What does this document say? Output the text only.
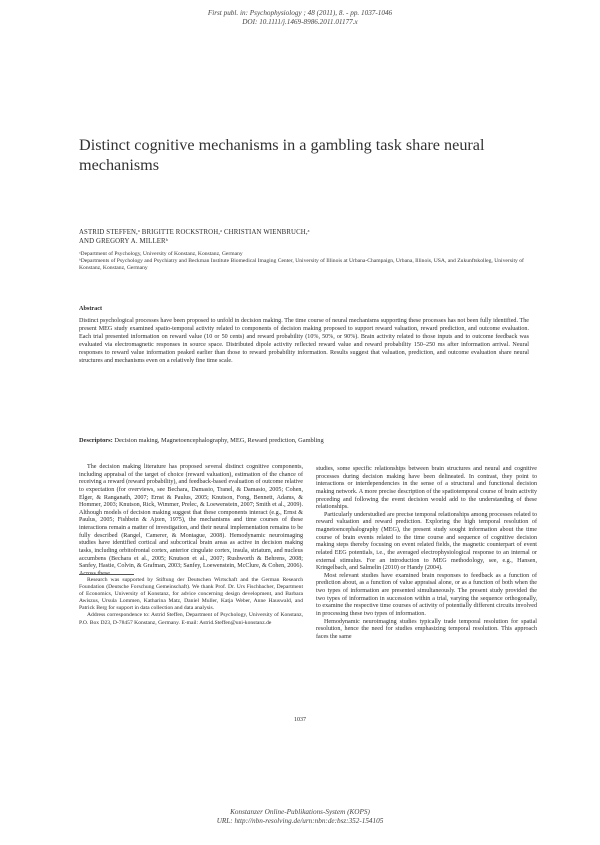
First publ. in: Psychophysiology ; 48 (2011), 8. - pp. 1037-1046
DOI: 10.1111/j.1469-8986.2011.01177.x
Distinct cognitive mechanisms in a gambling task share neural mechanisms
ASTRID STEFFEN,ᵃ BRIGITTE ROCKSTROH,ᵃ CHRISTIAN WIENBRUCH,ᵃ
AND GREGORY A. MILLERᵇ
ᵃDepartment of Psychology, University of Konstanz, Konstanz, Germany
ᵇDepartments of Psychology and Psychiatry and Beckman Institute Biomedical Imaging Center, University of Illinois at Urbana-Champaign, Urbana, Illinois, USA, and Zukunftskolleg, University of Konstanz, Konstanz, Germany
Abstract
Distinct psychological processes have been proposed to unfold in decision making. The time course of neural mechanisms supporting these processes has not been fully identified. The present MEG study examined spatio-temporal activity related to components of decision making proposed to support reward valuation, reward prediction, and outcome evaluation. Each trial presented information on reward value (10 or 50 cents) and reward probability (10%, 50%, or 90%). Brain activity related to those inputs and to outcome feedback was evaluated via electromagnetic responses in source space. Distributed dipole activity reflected reward value and reward probability 150–250 ms after information arrival. Neural responses to reward value information peaked earlier than those to reward probability information. Results suggest that valuation, prediction, and outcome evaluation share neural structures and mechanisms even on a relatively fine time scale.
Descriptors: Decision making, Magnetoencephalography, MEG, Reward prediction, Gambling
The decision making literature has proposed several distinct cognitive components, including appraisal of the target of choice (reward valuation), estimation of the chance of receiving a reward (reward probability), and feedback-based evaluation of outcome relative to expectation (for overviews, see Bechara, Damasio, Tranel, & Damasio, 2005; Cohen, Elger, & Ranganath, 2007; Ernst & Paulus, 2005; Knutson, Fong, Bennett, Adams, & Hommer, 2003; Knutson, Rick, Wimmer, Prelec, & Loewenstein, 2007; Smith et al., 2009). Although models of decision making suggest that these components interact (e.g., Ernst & Paulus, 2005; Fishbein & Ajzen, 1975), the mechanisms and time courses of these interactions remain a matter of investigation, and their neural implementation remains to be fully described (Rangel, Camerer, & Montague, 2008). Hemodynamic neuroimaging studies have identified cortical and subcortical brain areas as active in decision making tasks, including orbitofrontal cortex, anterior cingulate cortex, insula, striatum, and nucleus accumbens (Bechara et al., 2005; Knutson et al., 2007; Rushworth & Behrens, 2008; Sanfey, Hastie, Colvin, & Grafman, 2003; Sanfey, Loewenstein, McClure, & Cohen, 2006). Across these
Research was supported by Stiftung der Deutschen Wirtschaft and the German Research Foundation (Deutsche Forschung Gemeinschaft). We thank Prof. Dr. Urs Fischbacher, Department of Economics, University of Konstanz, for advice concerning design development, and Barbara Awiszus, Ursula Lommen, Katharina Matz, Daniel Muller, Katja Weber, Anne Hauswald, and Patrick Berg for support in data collection and data analysis.
Address correspondence to: Astrid Steffen, Department of Psychology, University of Konstanz, P.O. Box D23, D-78457 Konstanz, Germany. E-mail: Astrid.Steffen@uni-konstanz.de
studies, some specific relationships between brain structures and neural and cognitive processes during decision making have been delineated. In contrast, they point to interactions or interdependencies in the sense of a structural and functional decision making network. A more precise description of the spatiotemporal course of brain activity preceding and following the event decision would add to the understanding of these relationships.
Particularly understudied are precise temporal relationships among processes related to reward valuation and reward prediction. Exploring the high temporal resolution of magnetoencephalography (MEG), the present study sought information about the time course of brain events related to the time course and sequence of cognitive decision making steps thereby focusing on event related fields, the magnetic counterpart of event related EEG potentials, i.e., the averaged electrophysiological response to an internal or external stimulus. For an introduction to MEG methodology, see, e.g., Hansen, Kringelbach, and Salmelin (2010) or Handy (2004).
Most relevant studies have examined brain responses to feedback as a function of prediction about, as a function of value appraisal alone, or as a function of both when the two types of information are presented simultaneously. The present study provided the two types of information in succession within a trial, varying the sequence orthogonally, to examine the respective time courses of activity of potentially different circuits involved in processing these two types of information.
Hemodynamic neuroimaging studies typically trade temporal resolution for spatial resolution, hence the need for studies emphasizing temporal resolution. This approach faces the same
1037
Konstanzer Online-Publikations-System (KOPS)
URL: http://nbn-resolving.de/urn:nbn:de:bsz:352-154105
